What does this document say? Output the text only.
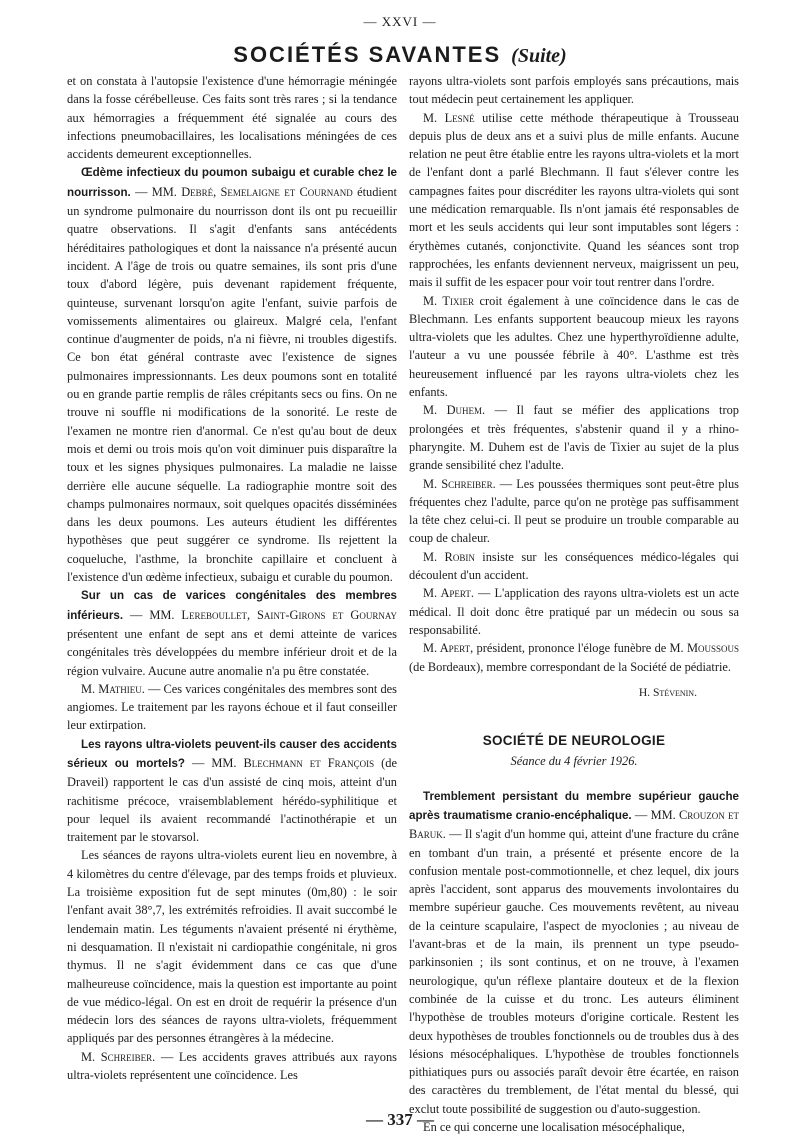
— XXVI —
SOCIÉTÉS SAVANTES (Suite)

et on constata à l'autopsie l'existence d'une hémorragie méningée dans la fosse cérébelleuse. Ces faits sont très rares ; si la tendance aux hémorragies a fréquemment été signalée au cours des infections pneumobacillaires, les localisations méningées de ces accidents demeurent exceptionnelles.

Œdème infectieux du poumon subaigu et curable chez le nourrisson. — MM. Debré, Semelaigne et Cournand étudient un syndrome pulmonaire du nourrisson dont ils ont pu recueillir quatre observations. Il s'agit d'enfants sans antécédents héréditaires pathologiques et dont la naissance n'a présenté aucun incident. A l'âge de trois ou quatre semaines, ils sont pris d'une toux d'abord légère, puis devenant rapidement fréquente, quinteuse, survenant lorsqu'on agite l'enfant, suivie parfois de vomissements alimentaires ou glaireux. Malgré cela, l'enfant continue d'augmenter de poids, n'a ni fièvre, ni troubles digestifs. Ce bon état général contraste avec l'existence de signes pulmonaires impressionnants. Les deux poumons sont en totalité ou en grande partie remplis de râles crépitants secs ou fins. On ne trouve ni souffle ni modifications de la sonorité. Le reste de l'examen ne montre rien d'anormal. Ce n'est qu'au bout de deux mois et demi ou trois mois qu'on voit diminuer puis disparaître la toux et les signes physiques pulmonaires. La maladie ne laisse derrière elle aucune séquelle. La radiographie montre soit des champs pulmonaires normaux, soit quelques opacités disséminées dans les deux poumons. Les auteurs étudient les différentes hypothèses que peut suggérer ce syndrome. Ils rejettent la coqueluche, l'asthme, la bronchite capillaire et concluent à l'existence d'un œdème infectieux, subaigu et curable du poumon.

Sur un cas de varices congénitales des membres inférieurs. — MM. Lereboullet, Saint-Girons et Gournay présentent une enfant de sept ans et demi atteinte de varices congénitales très développées du membre inférieur droit et de la région vulvaire. Aucune autre anomalie n'a pu être constatée.

M. Mathieu. — Ces varices congénitales des membres sont des angiomes. Le traitement par les rayons échoue et il faut conseiller leur extirpation.

Les rayons ultra-violets peuvent-ils causer des accidents sérieux ou mortels? — MM. Blechmann et François (de Draveil) rapportent le cas d'un assisté de cinq mois, atteint d'un rachitisme précoce, vraisemblablement hérédo-syphilitique et pour lequel ils avaient recommandé l'actinothérapie et un traitement par le stovarsol.

Les séances de rayons ultra-violets eurent lieu en novembre, à 4 kilomètres du centre d'élevage, par des temps froids et pluvieux. La troisième exposition fut de sept minutes (0m,80) : le soir l'enfant avait 38°,7, les extrémités refroidies. Il avait succombé le lendemain matin. Les téguments n'avaient présenté ni érythème, ni desquamation. Il n'existait ni cardiopathie congénitale, ni gros thymus. Il ne s'agit évidemment dans ce cas que d'une malheureuse coïncidence, mais la question est importante au point de vue médico-légal. On est en droit de requérir la présence d'un médecin lors des séances de rayons ultra-violets, fréquemment appliqués par des personnes étrangères à la médecine.

M. Schreiber. — Les accidents graves attribués aux rayons ultra-violets représentent une coïncidence. Les

rayons ultra-violets sont parfois employés sans précautions, mais tout médecin peut certainement les appliquer.

M. Lesné utilise cette méthode thérapeutique à Trousseau depuis plus de deux ans et a suivi plus de mille enfants. Aucune relation ne peut être établie entre les rayons ultra-violets et la mort de l'enfant dont a parlé Blechmann. Il faut s'élever contre les campagnes faites pour discréditer les rayons ultra-violets qui sont une médication remarquable. Ils n'ont jamais été responsables de mort et les seuls accidents qui leur sont imputables sont légers : érythèmes cutanés, conjonctivite. Quand les séances sont trop rapprochées, les enfants deviennent nerveux, maigrissent un peu, mais il suffit de les espacer pour voir tout rentrer dans l'ordre.

M. Tixier croit également à une coïncidence dans le cas de Blechmann. Les enfants supportent beaucoup mieux les rayons ultra-violets que les adultes. Chez une hyperthyroïdienne adulte, l'auteur a vu une poussée fébrile à 40°. L'asthme est très heureusement influencé par les rayons ultra-violets chez les enfants.

M. Duhem. — Il faut se méfier des applications trop prolongées et très fréquentes, s'abstenir quand il y a rhino-pharyngite. M. Duhem est de l'avis de Tixier au sujet de la plus grande sensibilité chez l'adulte.

M. Schreiber. — Les poussées thermiques sont peut-être plus fréquentes chez l'adulte, parce qu'on ne protège pas suffisamment la tête chez celui-ci. Il peut se produire un trouble comparable au coup de chaleur.

M. Robin insiste sur les conséquences médico-légales qui découlent d'un accident.

M. Apert. — L'application des rayons ultra-violets est un acte médical. Il doit donc être pratiqué par un médecin ou sous sa responsabilité.

M. Apert, président, prononce l'éloge funèbre de M. Moussous (de Bordeaux), membre correspondant de la Société de pédiatrie.

H. Stévenin.
SOCIÉTÉ DE NEUROLOGIE
Séance du 4 février 1926.

Tremblement persistant du membre supérieur gauche après traumatisme cranio-encéphalique. — MM. Crouzon et Baruk. — Il s'agit d'un homme qui, atteint d'une fracture du crâne en tombant d'un train, a présenté et présente encore de la confusion mentale post-commotionnelle, et chez lequel, dix jours après l'accident, sont apparus des mouvements involontaires du membre supérieur gauche. Ces mouvements revêtent, au niveau de la ceinture scapulaire, l'aspect de myoclonies ; au niveau de l'avant-bras et de la main, ils prennent un type pseudo-parkinsonien ; ils sont continus, et on ne trouve, à l'examen neurologique, qu'un réflexe plantaire douteux et de la flexion combinée de la cuisse et du tronc. Les auteurs éliminent l'hypothèse de troubles moteurs d'origine corticale. Restent les deux hypothèses de troubles fonctionnels ou de troubles dus à des lésions mésocéphaliques. L'hypothèse de troubles fonctionnels pithiatiques purs ou associés paraît devoir être écartée, en raison des caractères du tremblement, de l'état mental du blessé, qui exclut toute possibilité de suggestion ou d'auto-suggestion.

En ce qui concerne une localisation mésocéphalique,

— 337 —
